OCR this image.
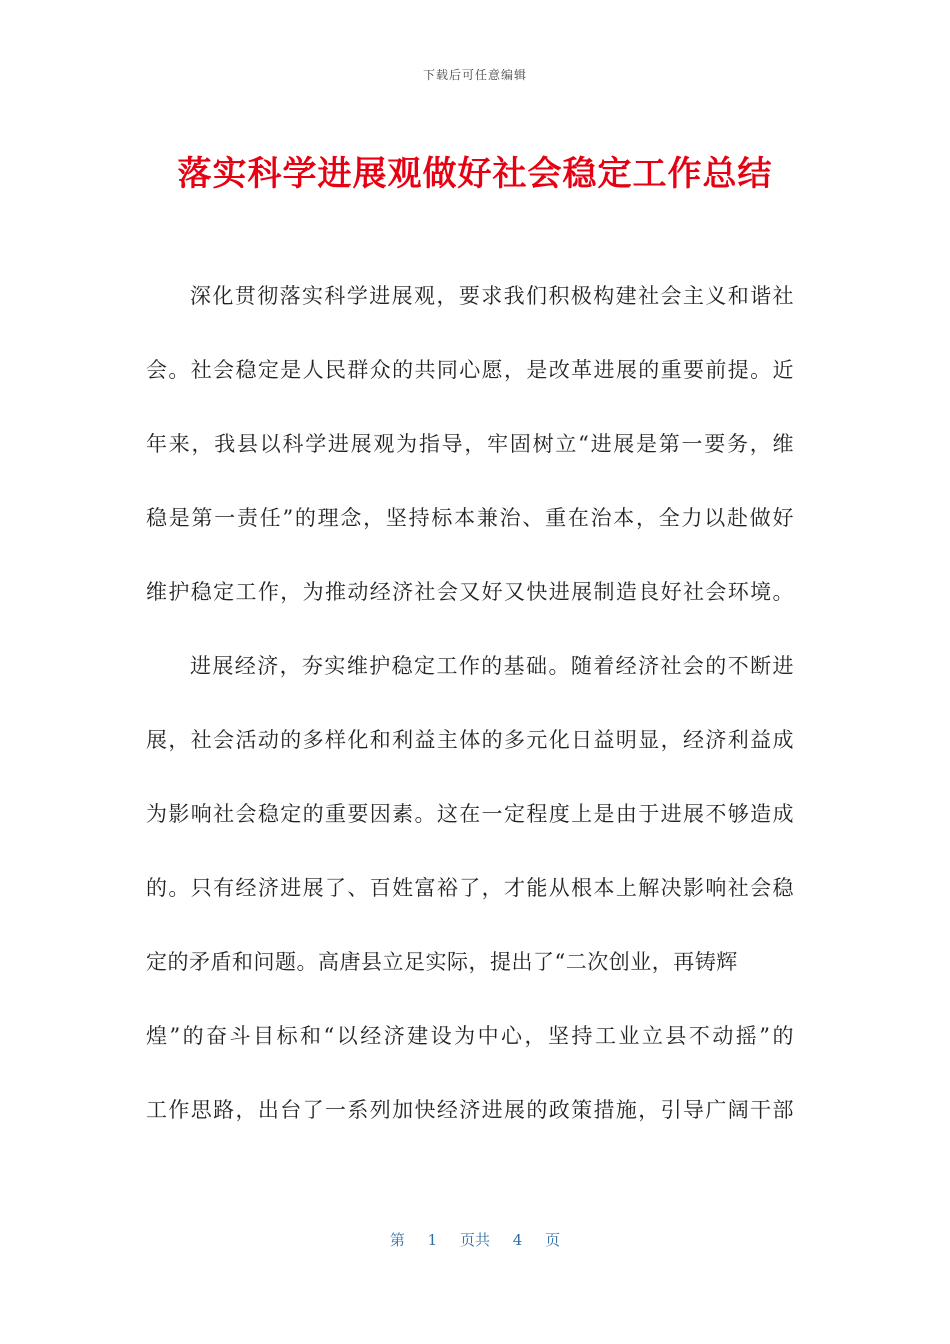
下载后可任意编辑
落实科学进展观做好社会稳定工作总结
深化贯彻落实科学进展观，要求我们积极构建社会主义和谐社
会。社会稳定是人民群众的共同心愿，是改革进展的重要前提。近
年来，我县以科学进展观为指导，牢固树立“进展是第一要务，维
稳是第一责任”的理念，坚持标本兼治、重在治本，全力以赴做好
维护稳定工作，为推动经济社会又好又快进展制造良好社会环境。
进展经济，夯实维护稳定工作的基础。随着经济社会的不断进
展，社会活动的多样化和利益主体的多元化日益明显，经济利益成
为影响社会稳定的重要因素。这在一定程度上是由于进展不够造成
的。只有经济进展了、百姓富裕了，才能从根本上解决影响社会稳
定的矛盾和问题。高唐县立足实际，提出了“二次创业，再铸辉
煌”的奋斗目标和“以经济建设为中心，坚持工业立县不动摇”的
工作思路，出台了一系列加快经济进展的政策措施，引导广阔干部
第 1 页共 4 页
